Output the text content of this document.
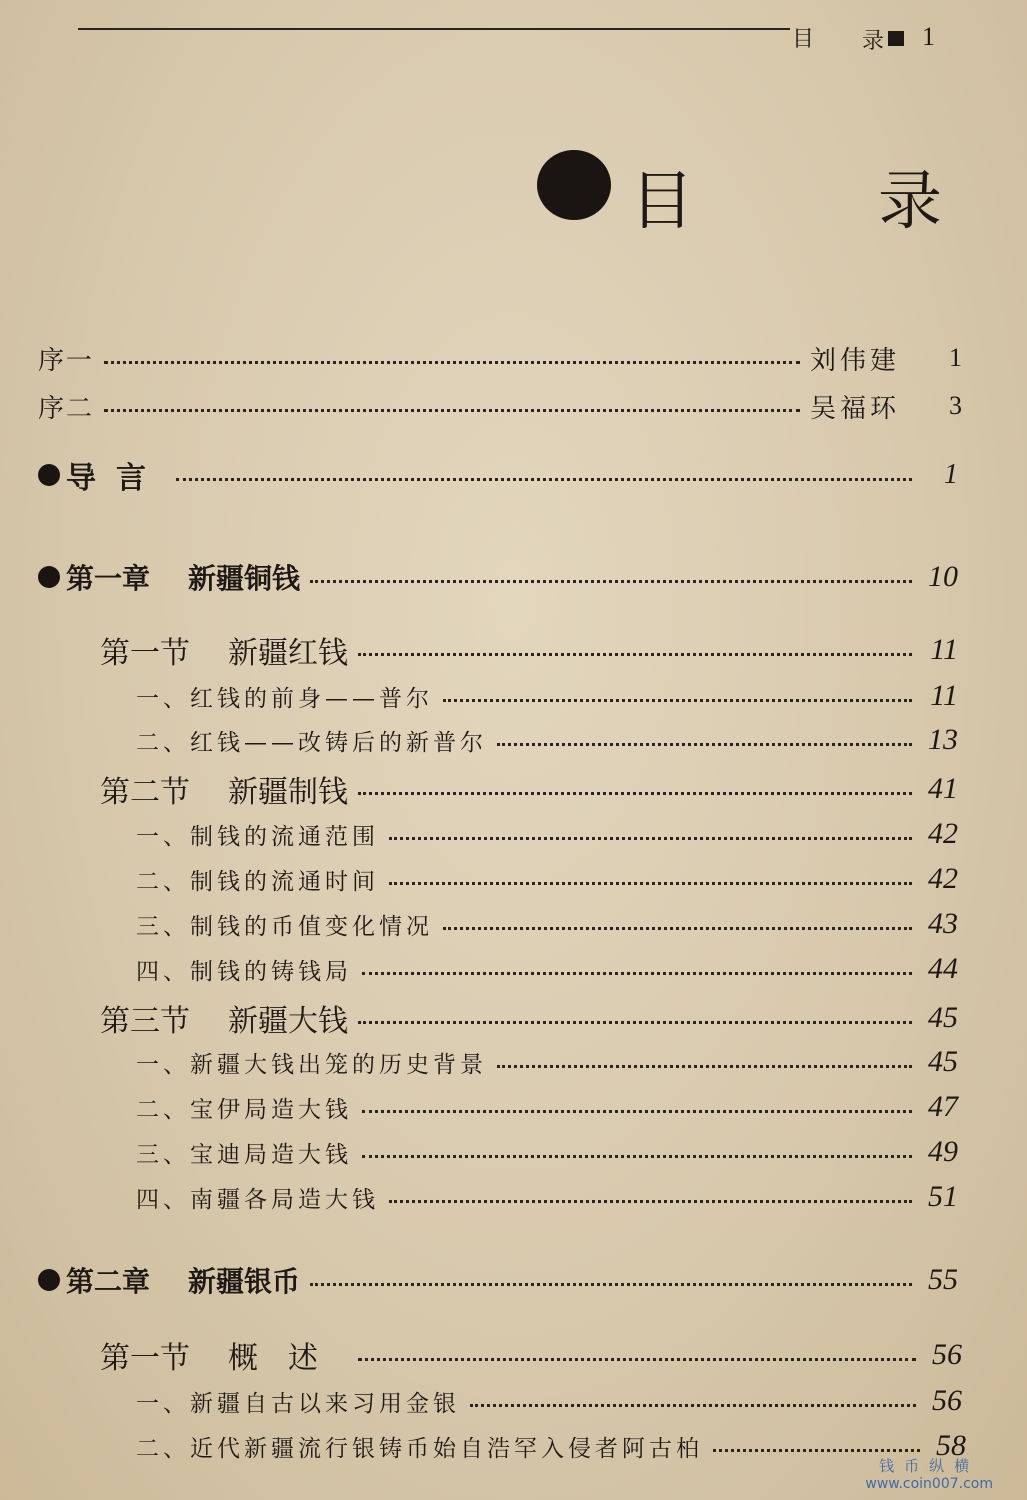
目 录 1
目	录
序一	刘伟建	1
序二	吴福环	3
导言	1
第一章 新疆铜钱	10
第一节 新疆红钱	11
一、红钱的前身——普尔	11
二、红钱——改铸后的新普尔	13
第二节 新疆制钱	41
一、制钱的流通范围	42
二、制钱的流通时间	42
三、制钱的币值变化情况	43
四、制钱的铸钱局	44
第三节 新疆大钱	45
一、新疆大钱出笼的历史背景	45
二、宝伊局造大钱	47
三、宝迪局造大钱	49
四、南疆各局造大钱	51
第二章 新疆银币	55
第一节 概述	56
一、新疆自古以来习用金银	56
二、近代新疆流行银铸币始自浩罕入侵者阿古柏	58
钱币纵横
www.coin007.com
